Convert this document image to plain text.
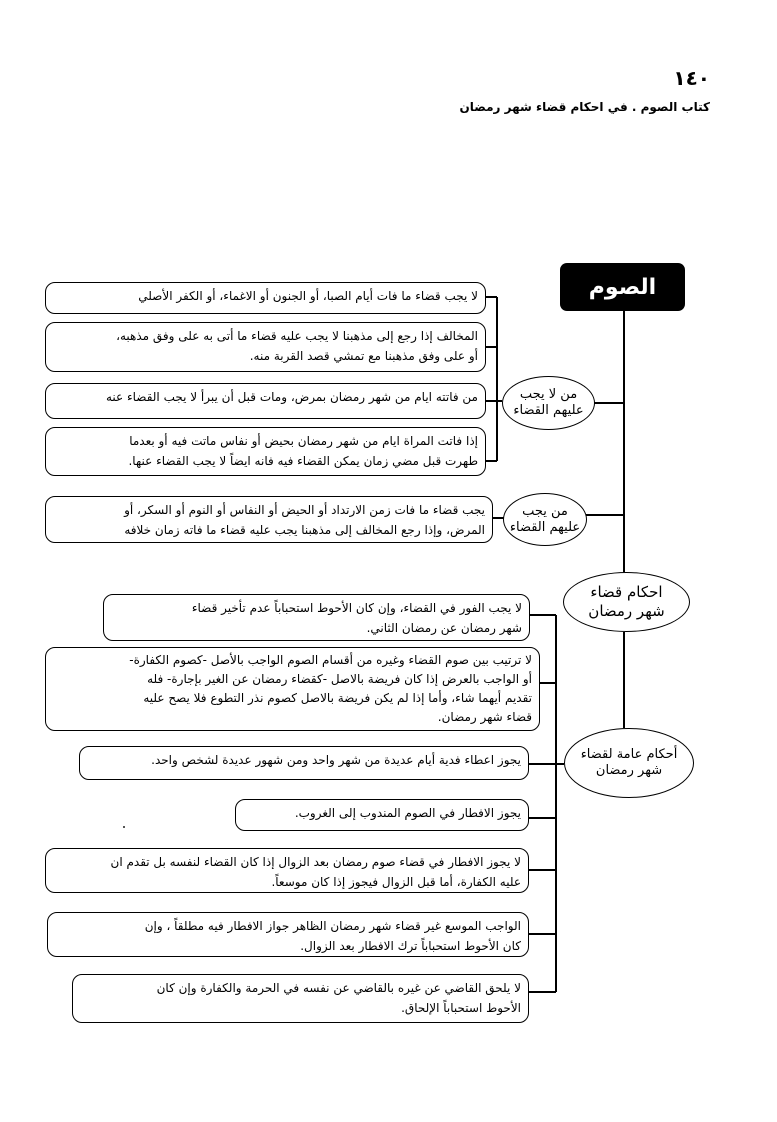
١٤٠
كتاب الصوم . في احكام قضاء شهر رمضان
الصوم
من لا يجب
عليهم القضاء
من يجب
عليهم القضاء
احكام قضاء
شهر رمضان
أحكام عامة لقضاء
شهر رمضان
لا يجب قضاء ما فات أيام الصبا، أو الجنون أو الاغماء، أو الكفر الأصلي
المخالف إذا رجع إلى مذهبنا لا يجب عليه قضاء ما أتى به على وفق مذهبه،
أو على وفق مذهبنا مع تمشي قصد القربة منه.
من فاتته ايام من شهر رمضان بمرض، ومات قبل أن يبرأ لا يجب القضاء عنه
إذا فاتت المراة ايام من شهر رمضان بحيض أو نفاس ماتت فيه أو بعدما
طهرت قبل مضي زمان يمكن القضاء فيه فانه ايضاً لا يجب القضاء عنها.
يجب قضاء ما فات زمن الارتداد أو الحيض أو النفاس أو النوم أو السكر، أو
المرض، وإذا رجع المخالف إلى مذهبنا يجب عليه قضاء ما فاته زمان خلافه
لا يجب الفور في القضاء، وإن كان الأحوط استحباباً عدم تأخير قضاء
شهر رمضان عن رمضان الثاني.
لا ترتيب بين صوم القضاء وغيره من أقسام الصوم الواجب بالأصل -كصوم الكفارة-
أو الواجب بالعرض إذا كان فريضة بالاصل -كقضاء رمضان عن الغير بإجارة- فله
تقديم أيهما شاء، وأما إذا لم يكن فريضة بالاصل كصوم نذر التطوع فلا يصح عليه
قضاء شهر رمضان.
يجوز اعطاء فدية أيام عديدة من شهر واحد ومن شهور عديدة لشخص واحد.
يجوز الافطار في الصوم المندوب إلى الغروب.
لا يجوز الافطار في قضاء صوم رمضان بعد الزوال إذا كان القضاء لنفسه بل تقدم ان
عليه الكفارة، أما قبل الزوال فيجوز إذا كان موسعاً.
الواجب الموسع غير قضاء شهر رمضان الظاهر جواز الافطار فيه مطلقاً ، وإن
كان الأحوط استحباباً ترك الافطار بعد الزوال.
لا يلحق القاضي عن غيره بالقاضي عن نفسه في الحرمة والكفارة وإن كان
الأحوط استحباباً الإلحاق.
